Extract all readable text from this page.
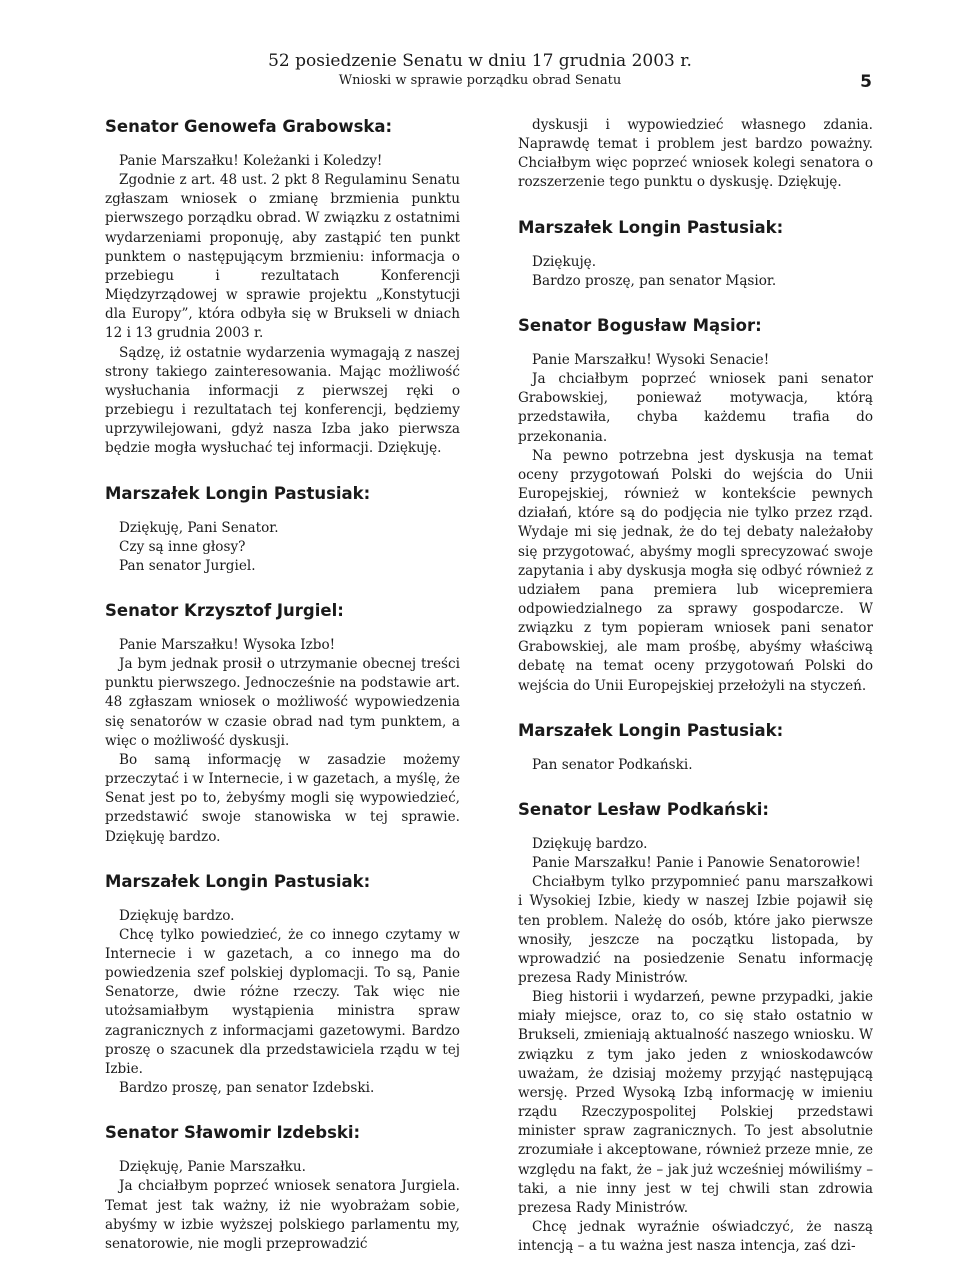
52 posiedzenie Senatu w dniu 17 grudnia 2003 r.
Wnioski w sprawie porządku obrad Senatu	5
Senator Genowefa Grabowska:

Panie Marszałku! Koleżanki i Koledzy!

Zgodnie z art. 48 ust. 2 pkt 8 Regulaminu Senatu zgłaszam wniosek o zmianę brzmienia punktu pierwszego porządku obrad. W związku z ostatnimi wydarzeniami proponuję, aby zastąpić ten punkt punktem o następującym brzmieniu: informacja o przebiegu i rezultatach Konferencji Międzyrządowej w sprawie projektu „Konstytucji dla Europy”, która odbyła się w Brukseli w dniach 12 i 13 grudnia 2003 r.

Sądzę, iż ostatnie wydarzenia wymagają z naszej strony takiego zainteresowania. Mając możliwość wysłuchania informacji z pierwszej ręki o przebiegu i rezultatach tej konferencji, będziemy uprzywilejowani, gdyż nasza Izba jako pierwsza będzie mogła wysłuchać tej informacji. Dziękuję.

Marszałek Longin Pastusiak:

Dziękuję, Pani Senator.

Czy są inne głosy?

Pan senator Jurgiel.

Senator Krzysztof Jurgiel:

Panie Marszałku! Wysoka Izbo!

Ja bym jednak prosił o utrzymanie obecnej treści punktu pierwszego. Jednocześnie na podstawie art. 48 zgłaszam wniosek o możliwość wypowiedzenia się senatorów w czasie obrad nad tym punktem, a więc o możliwość dyskusji.

Bo samą informację w zasadzie możemy przeczytać i w Internecie, i w gazetach, a myślę, że Senat jest po to, żebyśmy mogli się wypowiedzieć, przedstawić swoje stanowiska w tej sprawie. Dziękuję bardzo.

Marszałek Longin Pastusiak:

Dziękuję bardzo.

Chcę tylko powiedzieć, że co innego czytamy w Internecie i w gazetach, a co innego ma do powiedzenia szef polskiej dyplomacji. To są, Panie Senatorze, dwie różne rzeczy. Tak więc nie utożsamiałbym wystąpienia ministra spraw zagranicznych z informacjami gazetowymi. Bardzo proszę o szacunek dla przedstawiciela rządu w tej Izbie.

Bardzo proszę, pan senator Izdebski.

Senator Sławomir Izdebski:

Dziękuję, Panie Marszałku.

Ja chciałbym poprzeć wniosek senatora Jurgiela. Temat jest tak ważny, iż nie wyobrażam sobie, abyśmy w izbie wyższej polskiego parlamentu my, senatorowie, nie mogli przeprowadzić

dyskusji i wypowiedzieć własnego zdania. Naprawdę temat i problem jest bardzo poważny. Chciałbym więc poprzeć wniosek kolegi senatora o rozszerzenie tego punktu o dyskusję. Dziękuję.

Marszałek Longin Pastusiak:

Dziękuję.

Bardzo proszę, pan senator Mąsior.

Senator Bogusław Mąsior:

Panie Marszałku! Wysoki Senacie!

Ja chciałbym poprzeć wniosek pani senator Grabowskiej, ponieważ motywacja, którą przedstawiła, chyba każdemu trafia do przekonania.

Na pewno potrzebna jest dyskusja na temat oceny przygotowań Polski do wejścia do Unii Europejskiej, również w kontekście pewnych działań, które są do podjęcia nie tylko przez rząd. Wydaje mi się jednak, że do tej debaty należałoby się przygotować, abyśmy mogli sprecyzować swoje zapytania i aby dyskusja mogła się odbyć również z udziałem pana premiera lub wicepremiera odpowiedzialnego za sprawy gospodarcze. W związku z tym popieram wniosek pani senator Grabowskiej, ale mam prośbę, abyśmy właściwą debatę na temat oceny przygotowań Polski do wejścia do Unii Europejskiej przełożyli na styczeń.

Marszałek Longin Pastusiak:

Pan senator Podkański.

Senator Lesław Podkański:

Dziękuję bardzo.

Panie Marszałku! Panie i Panowie Senatorowie!

Chciałbym tylko przypomnieć panu marszałkowi i Wysokiej Izbie, kiedy w naszej Izbie pojawił się ten problem. Należę do osób, które jako pierwsze wnosiły, jeszcze na początku listopada, by wprowadzić na posiedzenie Senatu informację prezesa Rady Ministrów.

Bieg historii i wydarzeń, pewne przypadki, jakie miały miejsce, oraz to, co się stało ostatnio w Brukseli, zmieniają aktualność naszego wniosku. W związku z tym jako jeden z wnioskodawców uważam, że dzisiaj możemy przyjąć następującą wersję. Przed Wysoką Izbą informację w imieniu rządu Rzeczypospolitej Polskiej przedstawi minister spraw zagranicznych. To jest absolutnie zrozumiałe i akceptowane, również przeze mnie, ze względu na fakt, że – jak już wcześniej mówiliśmy – taki, a nie inny jest w tej chwili stan zdrowia prezesa Rady Ministrów.

Chcę jednak wyraźnie oświadczyć, że naszą intencją – a tu ważna jest nasza intencja, zaś dzi-
